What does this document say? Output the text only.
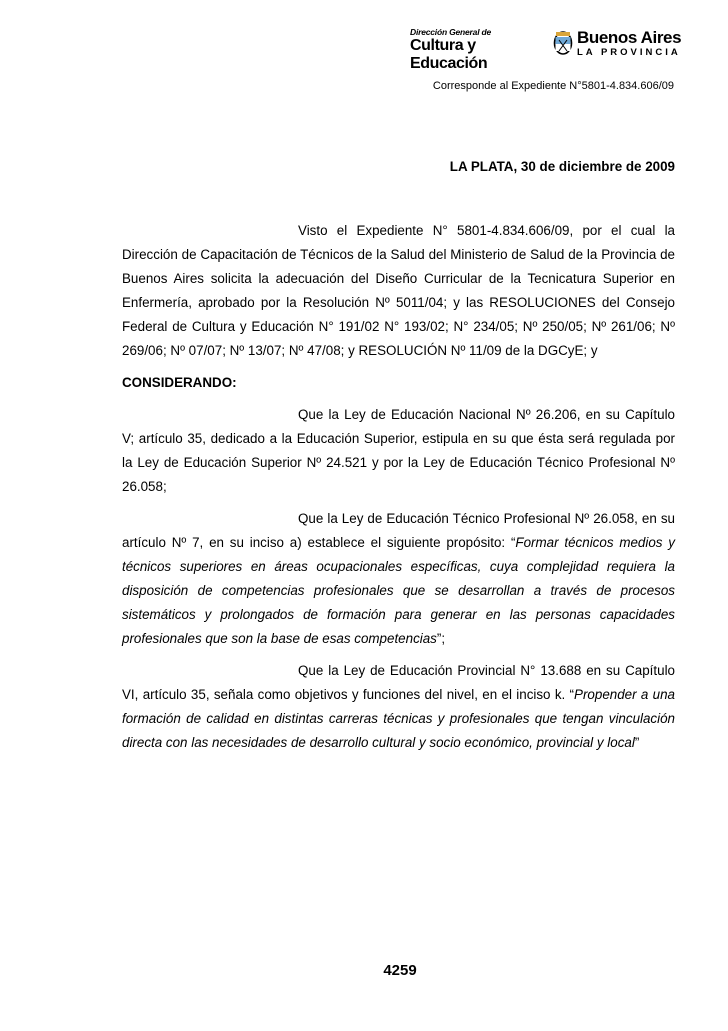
Dirección General de
Cultura y Educación
Buenos Aires
LA PROVINCIA
Corresponde al Expediente N°5801-4.834.606/09
LA PLATA, 30 de diciembre de 2009

Visto el Expediente N° 5801-4.834.606/09, por el cual la Dirección de Capacitación de Técnicos de la Salud del Ministerio de Salud de la Provincia de Buenos Aires solicita la adecuación del Diseño Curricular de la Tecnicatura Superior en Enfermería, aprobado por la Resolución Nº 5011/04; y las RESOLUCIONES del Consejo Federal de Cultura y Educación N° 191/02 N° 193/02; N° 234/05; Nº 250/05; Nº 261/06; Nº 269/06; Nº 07/07; Nº 13/07; Nº 47/08; y RESOLUCIÓN Nº 11/09 de la DGCyE; y

CONSIDERANDO:

Que la Ley de Educación Nacional Nº 26.206, en su Capítulo V; artículo 35, dedicado a la Educación Superior, estipula en su que ésta será regulada por la Ley de Educación Superior Nº 24.521 y por la Ley de Educación Técnico Profesional Nº 26.058;

Que la Ley de Educación Técnico Profesional Nº 26.058, en su artículo Nº 7, en su inciso a) establece el siguiente propósito: “Formar técnicos medios y técnicos superiores en áreas ocupacionales específicas, cuya complejidad requiera la disposición de competencias profesionales que se desarrollan a través de procesos sistemáticos y prolongados de formación para generar en las personas capacidades profesionales que son la base de esas competencias”;

Que la Ley de Educación Provincial N° 13.688 en su Capítulo VI, artículo 35, señala como objetivos y funciones del nivel, en el inciso k. “Propender a una formación de calidad en distintas carreras técnicas y profesionales que tengan vinculación directa con las necesidades de desarrollo cultural y socio económico, provincial y local”

4259
